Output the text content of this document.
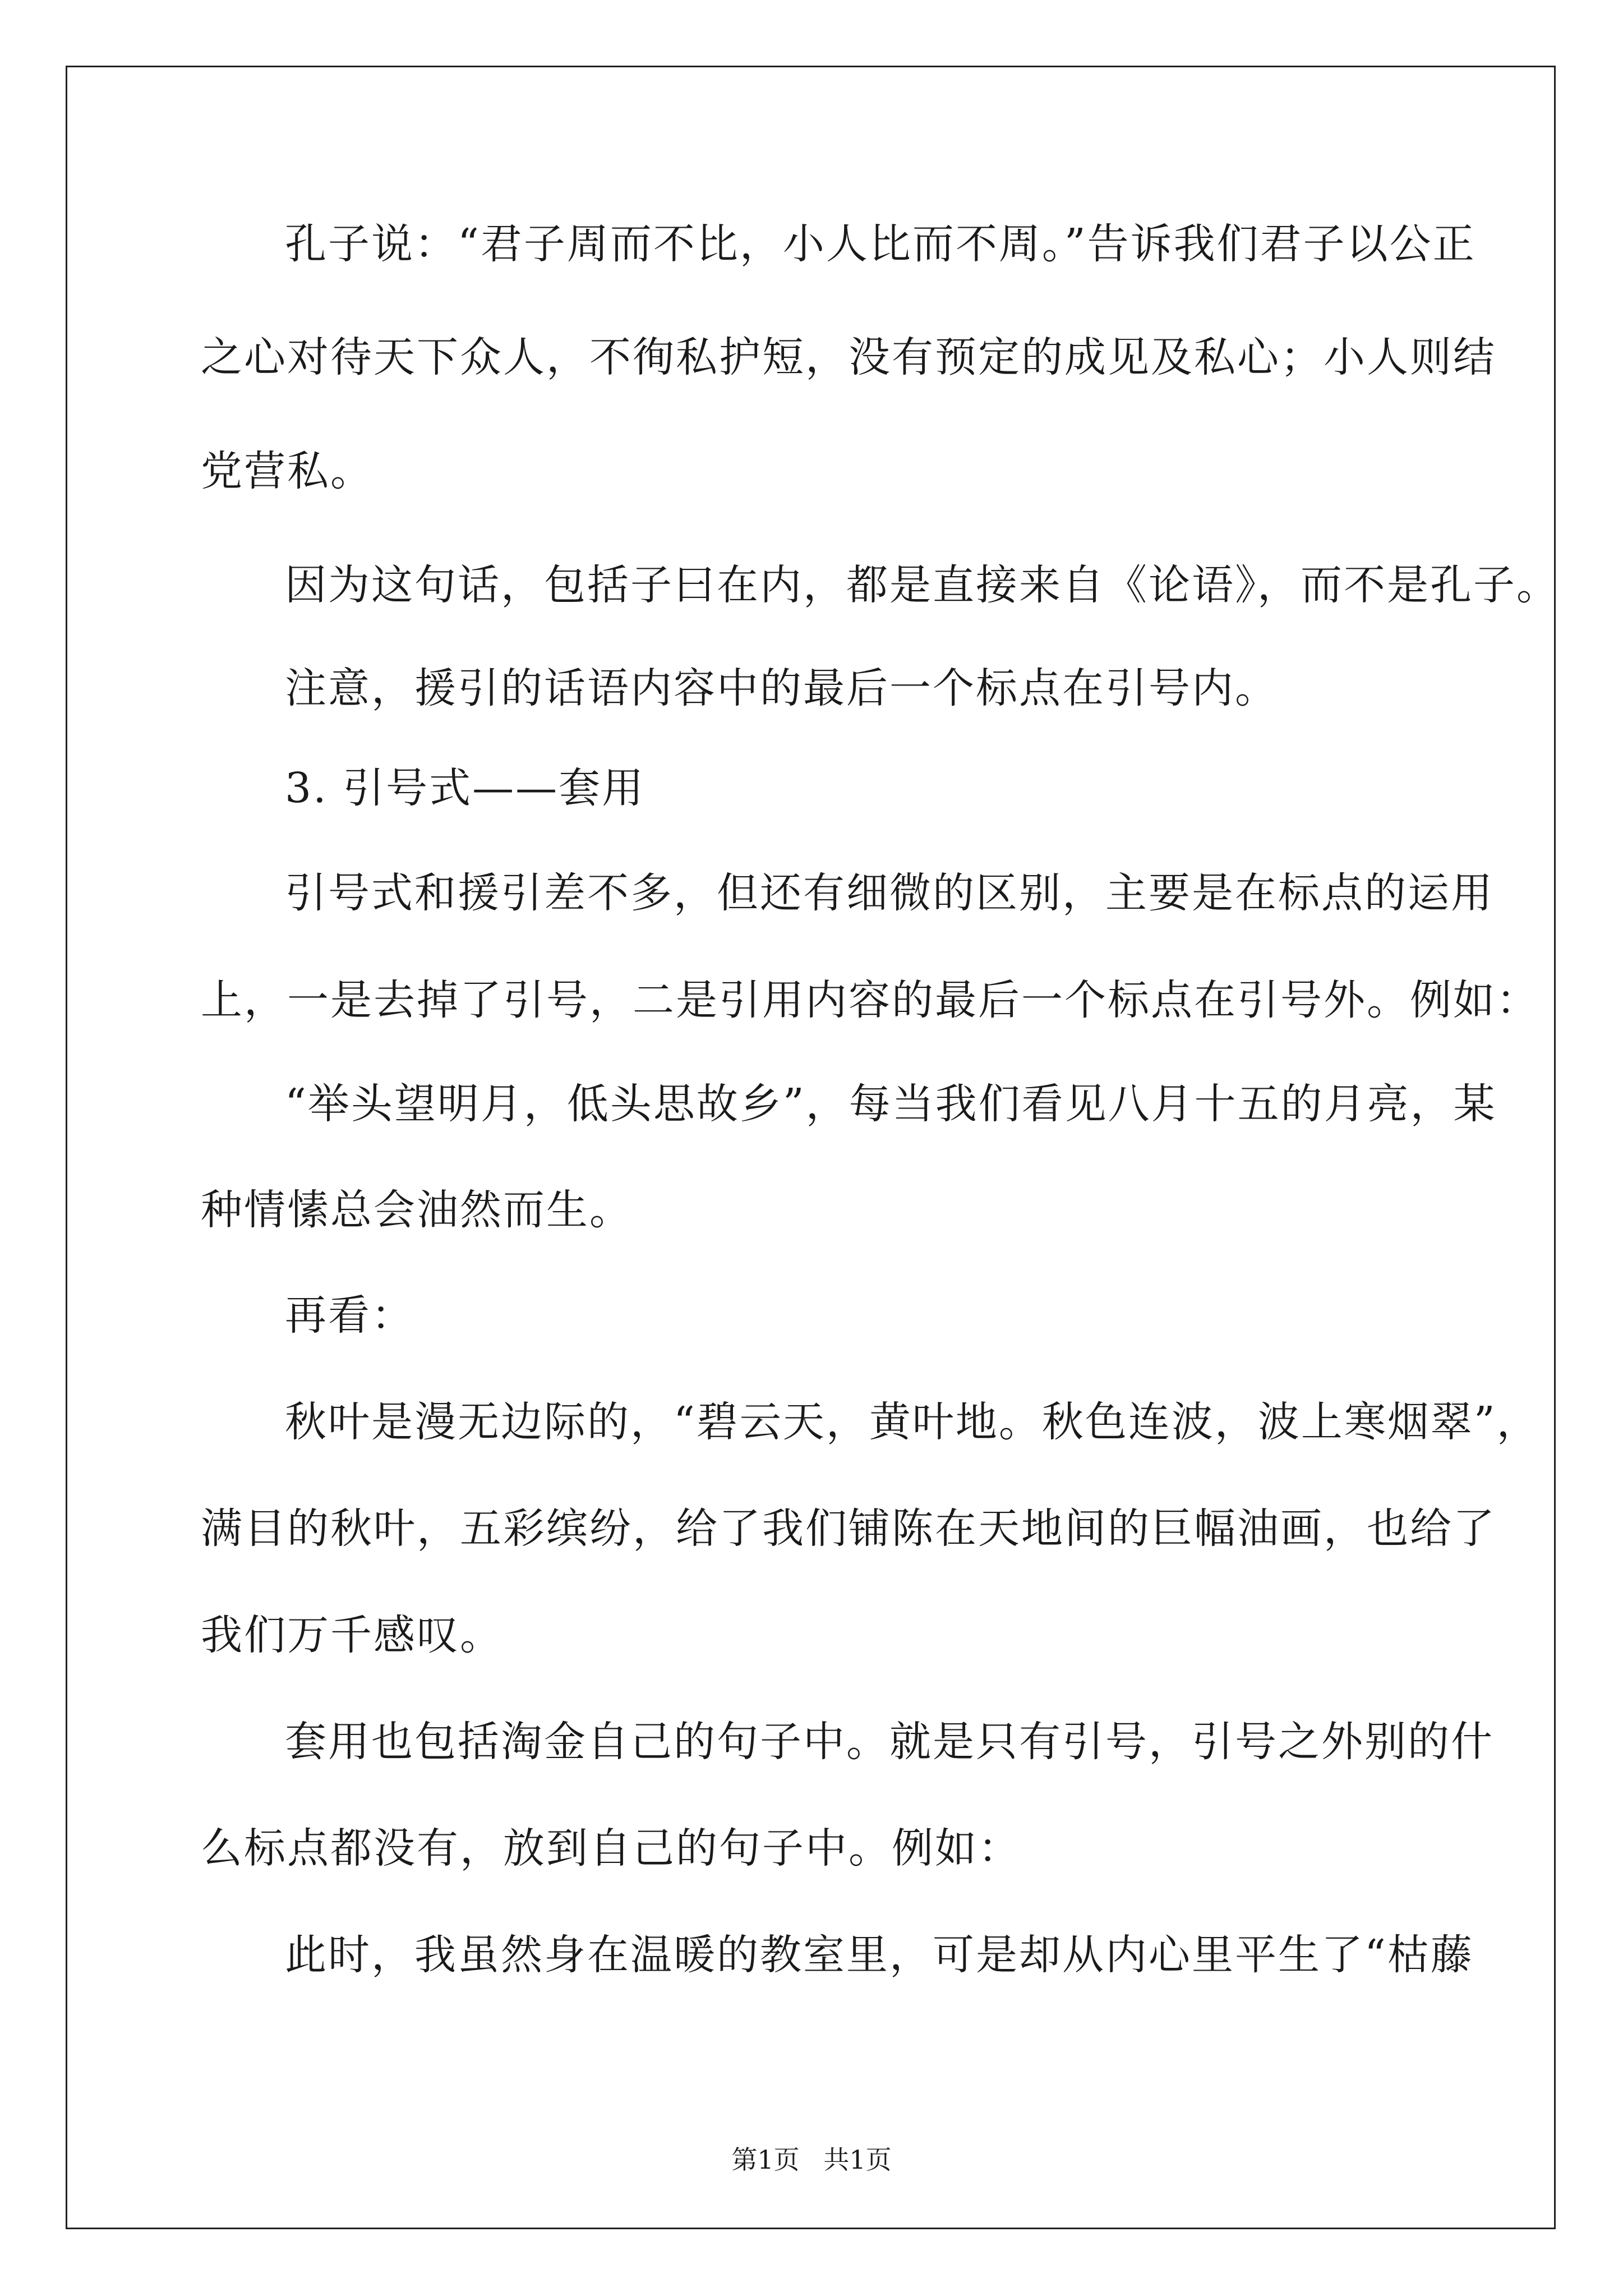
孔子说：“君子周而不比，小人比而不周。”告诉我们君子以公正
之心对待天下众人，不徇私护短，没有预定的成见及私心；小人则结
党营私。
因为这句话，包括子曰在内，都是直接来自《论语》，而不是孔子。
注意，援引的话语内容中的最后一个标点在引号内。
3. 引号式——套用
引号式和援引差不多，但还有细微的区别，主要是在标点的运用
上，一是去掉了引号，二是引用内容的最后一个标点在引号外。例如：
“举头望明月，低头思故乡”，每当我们看见八月十五的月亮，某
种情愫总会油然而生。
再看：
秋叶是漫无边际的，“碧云天，黄叶地。秋色连波，波上寒烟翠”，
满目的秋叶，五彩缤纷，给了我们铺陈在天地间的巨幅油画，也给了
我们万千感叹。
套用也包括淘金自己的句子中。就是只有引号，引号之外别的什
么标点都没有，放到自己的句子中。例如：
此时，我虽然身在温暖的教室里，可是却从内心里平生了“枯藤
第1页 共1页
